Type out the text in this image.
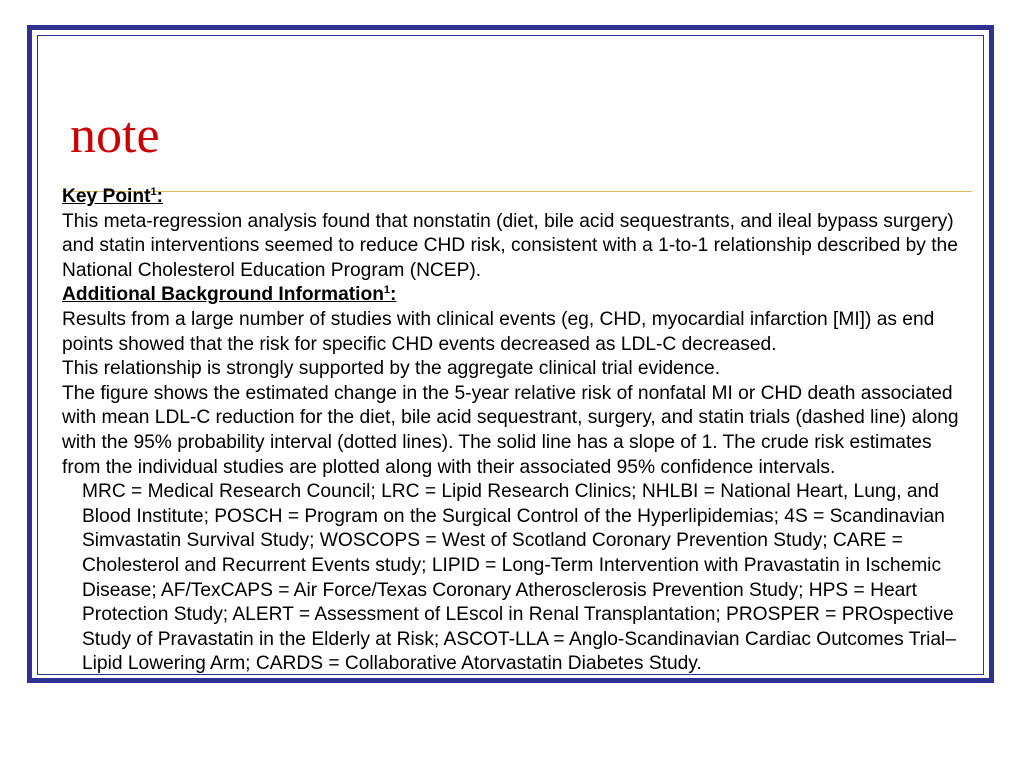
note

Key Point$^1$:

This meta-regression analysis found that nonstatin (diet, bile acid sequestrants, and ileal bypass surgery) and statin interventions seemed to reduce CHD risk, consistent with a 1-to-1 relationship described by the National Cholesterol Education Program (NCEP).

Additional Background Information$^1$:

Results from a large number of studies with clinical events (eg, CHD, myocardial infarction [MI]) as end points showed that the risk for specific CHD events decreased as LDL-C decreased.

This relationship is strongly supported by the aggregate clinical trial evidence.

The figure shows the estimated change in the 5-year relative risk of nonfatal MI or CHD death associated with mean LDL-C reduction for the diet, bile acid sequestrant, surgery, and statin trials (dashed line) along with the 95% probability interval (dotted lines). The solid line has a slope of 1. The crude risk estimates from the individual studies are plotted along with their associated 95% confidence intervals.

MRC = Medical Research Council; LRC = Lipid Research Clinics; NHLBI = National Heart, Lung, and Blood Institute; POSCH = Program on the Surgical Control of the Hyperlipidemias; 4S = Scandinavian Simvastatin Survival Study; WOSCOPS = West of Scotland Coronary Prevention Study; CARE = Cholesterol and Recurrent Events study; LIPID = Long-Term Intervention with Pravastatin in Ischemic Disease; AF/TexCAPS = Air Force/Texas Coronary Atherosclerosis Prevention Study; HPS = Heart Protection Study; ALERT = Assessment of LEscol in Renal Transplantation; PROSPER = PROspective Study of Pravastatin in the Elderly at Risk; ASCOT-LLA = Anglo-Scandinavian Cardiac Outcomes Trial–Lipid Lowering Arm; CARDS = Collaborative Atorvastatin Diabetes Study.
